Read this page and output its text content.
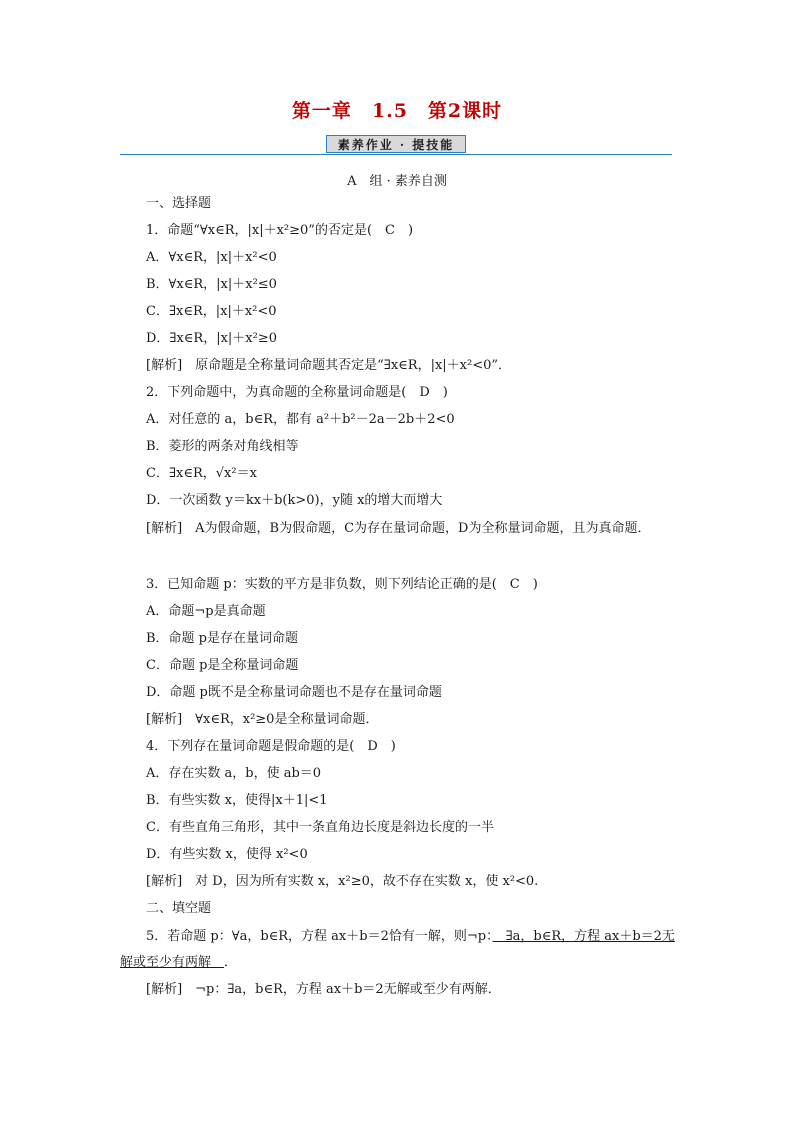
第一章　1.5　第2课时
素养作业 · 提技能
A　组 · 素养自测
一、选择题
1．命题“∀x∈R，|x|＋x²≥0”的否定是(　C　)
A．∀x∈R，|x|＋x²<0
B．∀x∈R，|x|＋x²≤0
C．∃x∈R，|x|＋x²<0
D．∃x∈R，|x|＋x²≥0
[解析]　原命题是全称量词命题其否定是“∃x∈R，|x|＋x²<0”．
2．下列命题中，为真命题的全称量词命题是(　D　)
A．对任意的 a，b∈R，都有 a²＋b²－2a－2b＋2<0
B．菱形的两条对角线相等
C．∃x∈R，√x²＝x
D．一次函数 y＝kx＋b(k>0)，y随 x的增大而增大
[解析]　A为假命题，B为假命题，C为存在量词命题，D为全称量词命题，且为真命题．
3．已知命题 p：实数的平方是非负数，则下列结论正确的是(　C　)
A．命题¬p是真命题
B．命题 p是存在量词命题
C．命题 p是全称量词命题
D．命题 p既不是全称量词命题也不是存在量词命题
[解析]　∀x∈R，x²≥0是全称量词命题．
4．下列存在量词命题是假命题的是(　D　)
A．存在实数 a，b，使 ab＝0
B．有些实数 x，使得|x＋1|<1
C．有些直角三角形，其中一条直角边长度是斜边长度的一半
D．有些实数 x，使得 x²<0
[解析]　对 D，因为所有实数 x，x²≥0，故不存在实数 x，使 x²<0.
二、填空题
5．若命题 p：∀a，b∈R，方程 ax＋b＝2恰有一解，则¬p：　∃a，b∈R，方程 ax＋b＝2无解或至少有两解　．
[解析]　¬p：∃a，b∈R，方程 ax＋b＝2无解或至少有两解．
